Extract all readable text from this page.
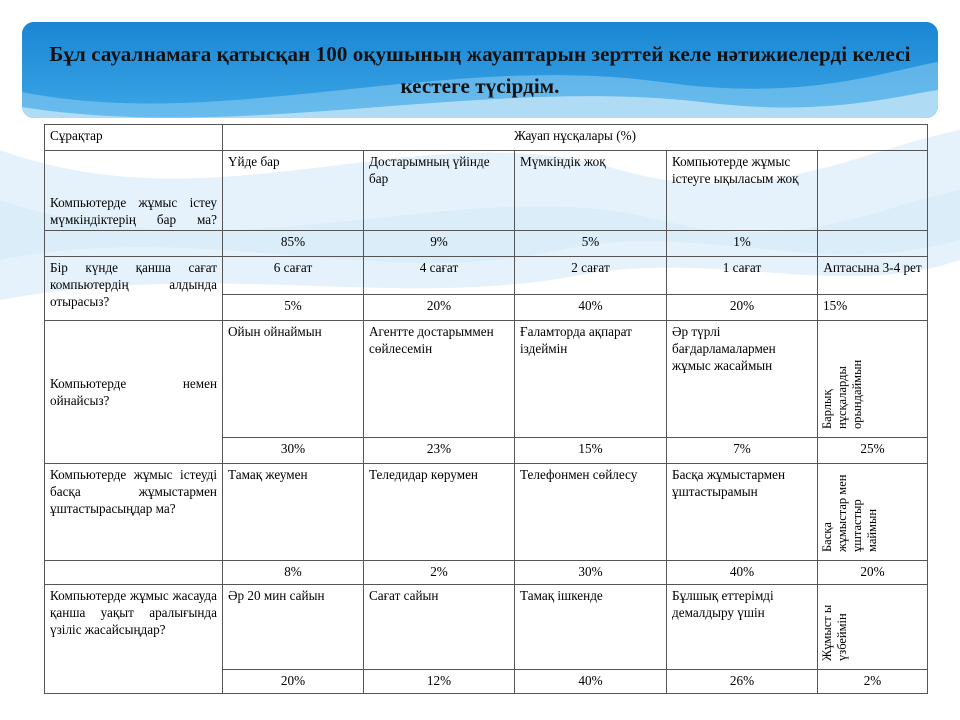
Бұл сауалнамаға қатысқан 100 оқушының жауаптарын зерттей келе нәтижиелерді келесі кестеге түсірдім.
Сұрақтар	Жауап нұсқалары (%)				
Компьютерде жұмыс істеу мүмкіндіктерің бар ма?	Үйде бар	Достарымның үйінде бар	Мүмкіндік жоқ	Компьютерде жұмыс істеуге ықыласым жоқ	
	85%	9%	5%	1%	
Бір күнде қанша сағат компьютердің алдында отырасыз?	6 сағат	4 сағат	2 сағат	1 сағат	Аптасына 3-4 рет
	5%	20%	40%	20%	15%
Компьютерде немен ойнайсыз?	Ойын ойнаймын	Агентте достарыммен сөйлесемін	Ғаламторда ақпарат іздеймін	Әр түрлі бағдарламалармен жұмыс жасаймын	Барлық нұсқаларды орындаймын
	30%	23%	15%	7%	25%
Компьютерде жұмыс істеуді басқа жұмыстармен ұштастырасыңдар ма?	Тамақ жеумен	Теледидар көрумен	Телефонмен сөйлесу	Басқа жұмыстармен ұштастырамын	Басқа жұмыстар мен ұштастыр маймын
	8%	2%	30%	40%	20%
Компьютерде жұмыс жасауда қанша уақыт аралығында үзіліс жасайсыңдар?	Әр 20 мин сайын	Сағат сайын	Тамақ ішкенде	Бұлшық еттерімді демалдыру үшін	Жұмыст ы үзбеймін
	20%	12%	40%	26%	2%
